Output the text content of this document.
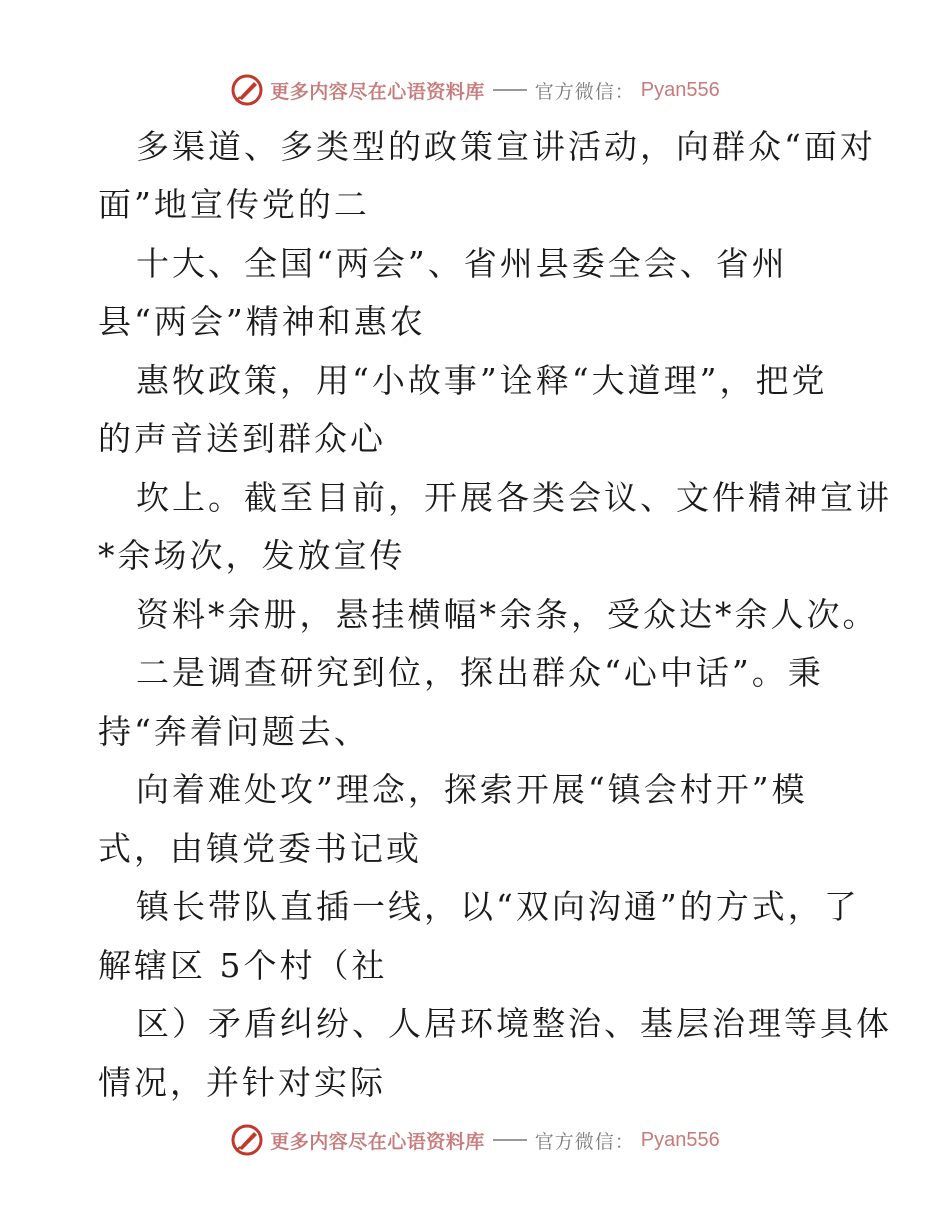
更多内容尽在心语资料库	官方微信： Pyan556
多渠道、多类型的政策宣讲活动，向群众“面对
面”地宣传党的二
十大、全国“两会”、省州县委全会、省州
县“两会”精神和惠农
惠牧政策，用“小故事”诠释“大道理”，把党
的声音送到群众心
坎上。截至目前，开展各类会议、文件精神宣讲
*余场次，发放宣传
资料*余册，悬挂横幅*余条，受众达*余人次。
二是调查研究到位，探出群众“心中话”。秉
持“奔着问题去、
向着难处攻”理念，探索开展“镇会村开”模
式，由镇党委书记或
镇长带队直插一线，以“双向沟通”的方式，了
解辖区 5个村（社
区）矛盾纠纷、人居环境整治、基层治理等具体
情况，并针对实际
更多内容尽在心语资料库	官方微信： Pyan556
